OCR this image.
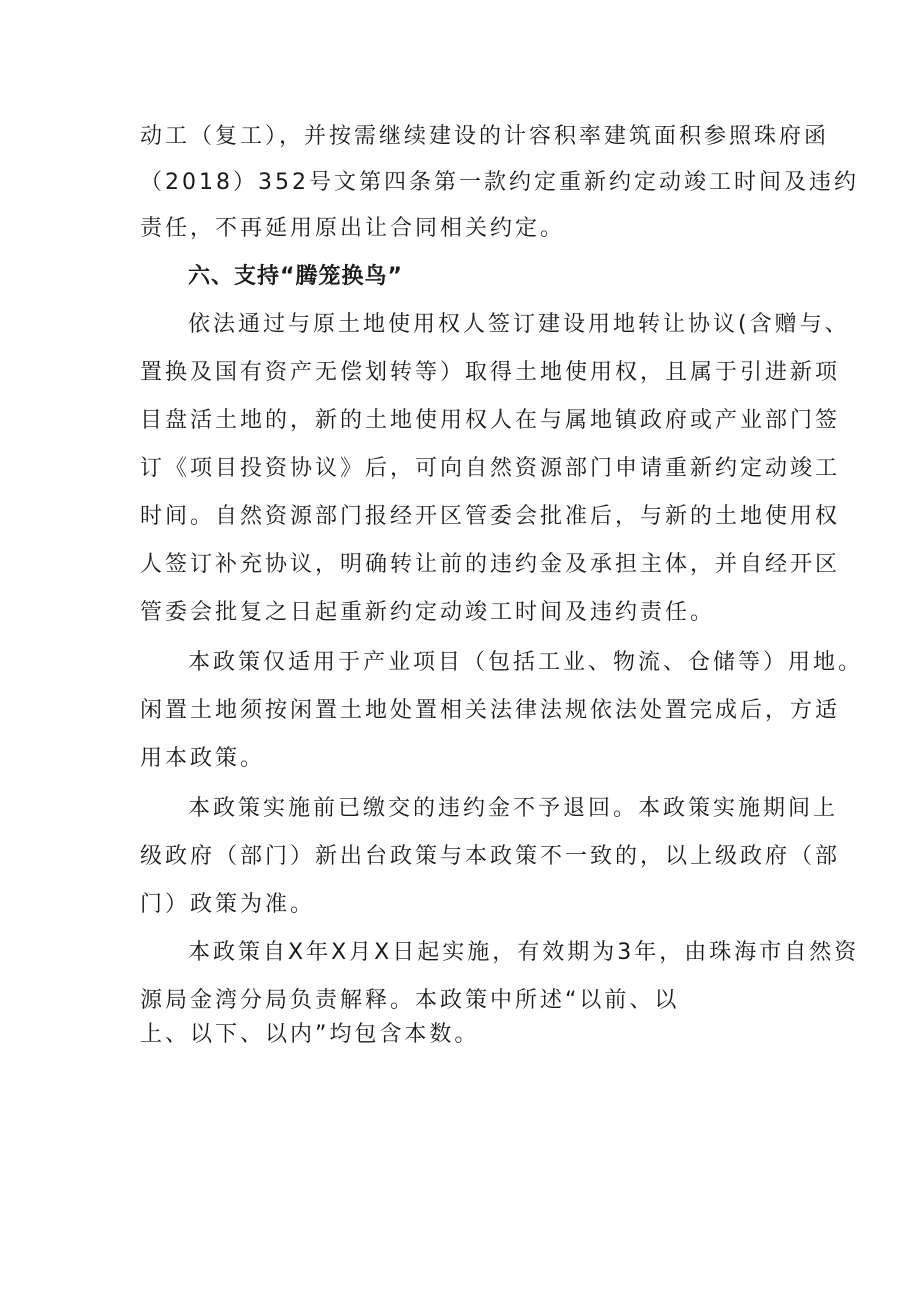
动工（复工），并按需继续建设的计容积率建筑面积参照珠府函

（2018）352号文第四条第一款约定重新约定动竣工时间及违约

责任，不再延用原出让合同相关约定。

六、支持“腾笼换鸟”

依法通过与原土地使用权人签订建设用地转让协议(含赠与、

置换及国有资产无偿划转等）取得土地使用权，且属于引进新项

目盘活土地的，新的土地使用权人在与属地镇政府或产业部门签

订《项目投资协议》后，可向自然资源部门申请重新约定动竣工

时间。自然资源部门报经开区管委会批准后，与新的土地使用权

人签订补充协议，明确转让前的违约金及承担主体，并自经开区

管委会批复之日起重新约定动竣工时间及违约责任。

本政策仅适用于产业项目（包括工业、物流、仓储等）用地。

闲置土地须按闲置土地处置相关法律法规依法处置完成后，方适

用本政策。

本政策实施前已缴交的违约金不予退回。本政策实施期间上

级政府（部门）新出台政策与本政策不一致的，以上级政府（部

门）政策为准。

本政策自X年X月X日起实施，有效期为3年，由珠海市自然资

源局金湾分局负责解释。本政策中所述“以前、以

上、以下、以内”均包含本数。
